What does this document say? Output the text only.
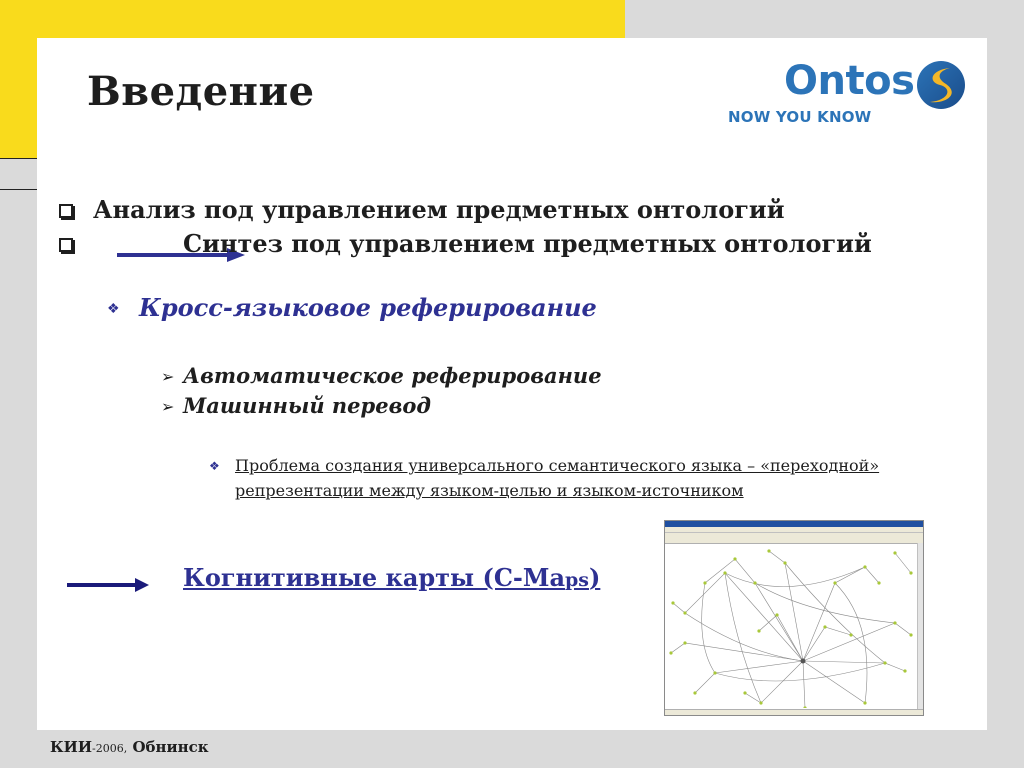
Введение	Ontos
NOW YOU KNOW
Анализ под управлением предметных онтологий
Синтез под управлением предметных онтологий
❖ Кросс-языковое реферирование
➢ Автоматическое реферирование
➢ Машинный перевод
❖ Проблема создания универсального семантического языка – «переходной» репрезентации между языком-целью и языком-источником
Когнитивные карты (C-Maps)
КИИ-2006, Обнинск
